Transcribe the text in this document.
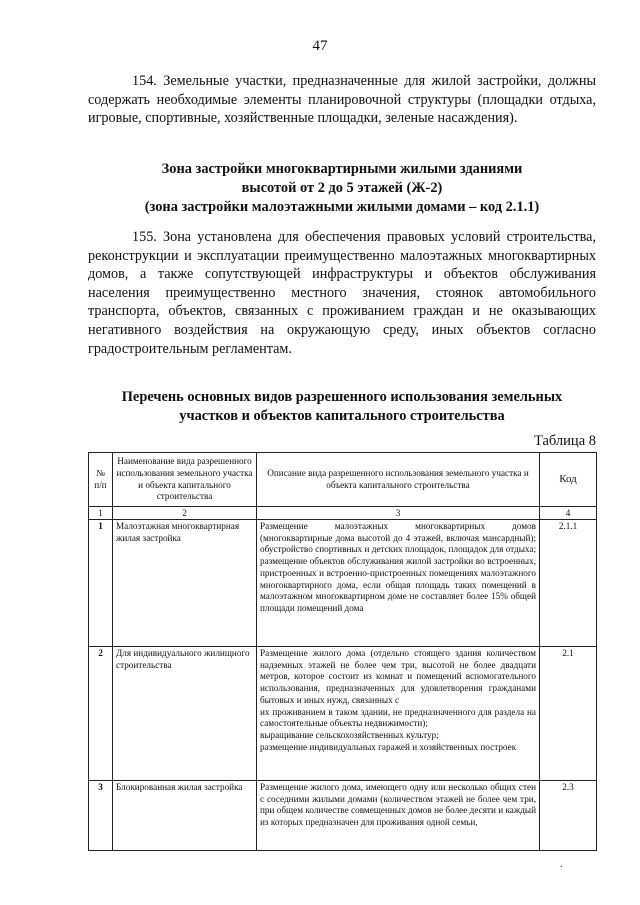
47
154. Земельные участки, предназначенные для жилой застройки, должны содержать необходимые элементы планировочной структуры (площадки отдыха, игровые, спортивные, хозяйственные площадки, зеленые насаждения).
Зона застройки многоквартирными жилыми зданиями
высотой от 2 до 5 этажей (Ж-2)
(зона застройки малоэтажными жилыми домами – код 2.1.1)
155. Зона установлена для обеспечения правовых условий строительства, реконструкции и эксплуатации преимущественно малоэтажных многоквартирных домов, а также сопутствующей инфраструктуры и объектов обслуживания населения преимущественно местного значения, стоянок автомобильного транспорта, объектов, связанных с проживанием граждан и не оказывающих негативного воздействия на окружающую среду, иных объектов согласно градостроительным регламентам.
Перечень основных видов разрешенного использования земельных
участков и объектов капитального строительства
Таблица 8
№ п/п	Наименование вида разрешенного использования земельного участка и объекта капитального строительства	Описание вида разрешенного использования земельного участка и объекта капитального строительства	Код
1	2	3	4
1	Малоэтажная многоквартирная жилая застройка	Размещение малоэтажных многоквартирных домов (многоквартирные дома высотой до 4 этажей, включая мансардный); обустройство спортивных и детских площадок, площадок для отдыха; размещение объектов обслуживания жилой застройки во встроенных, пристроенных и встроенно-пристроенных помещениях малоэтажного многоквартирного дома, если общая площадь таких помещений в малоэтажном многоквартирном доме не составляет более 15% общей площади помещений дома	2.1.1
2	Для индивидуального жилищного строительства	Размещение жилого дома (отдельно стоящего здания количеством надземных этажей не более чем три, высотой не более двадцати метров, которое состоит из комнат и помещений вспомогательного использования, предназначенных для удовлетворения гражданами бытовых и иных нужд, связанных с
их проживанием в таком здании, не предназначенного для раздела на самостоятельные объекты недвижимости);
выращивание сельскохозяйственных культур;
размещение индивидуальных гаражей и хозяйственных построек	2.1
3	Блокированная жилая застройка	Размещение жилого дома, имеющего одну или несколько общих стен с соседними жилыми домами (количеством этажей не более чем три, при общем количестве совмещенных домов не более десяти и каждый из которых предназначен для проживания одной семьи,	2.3
.
